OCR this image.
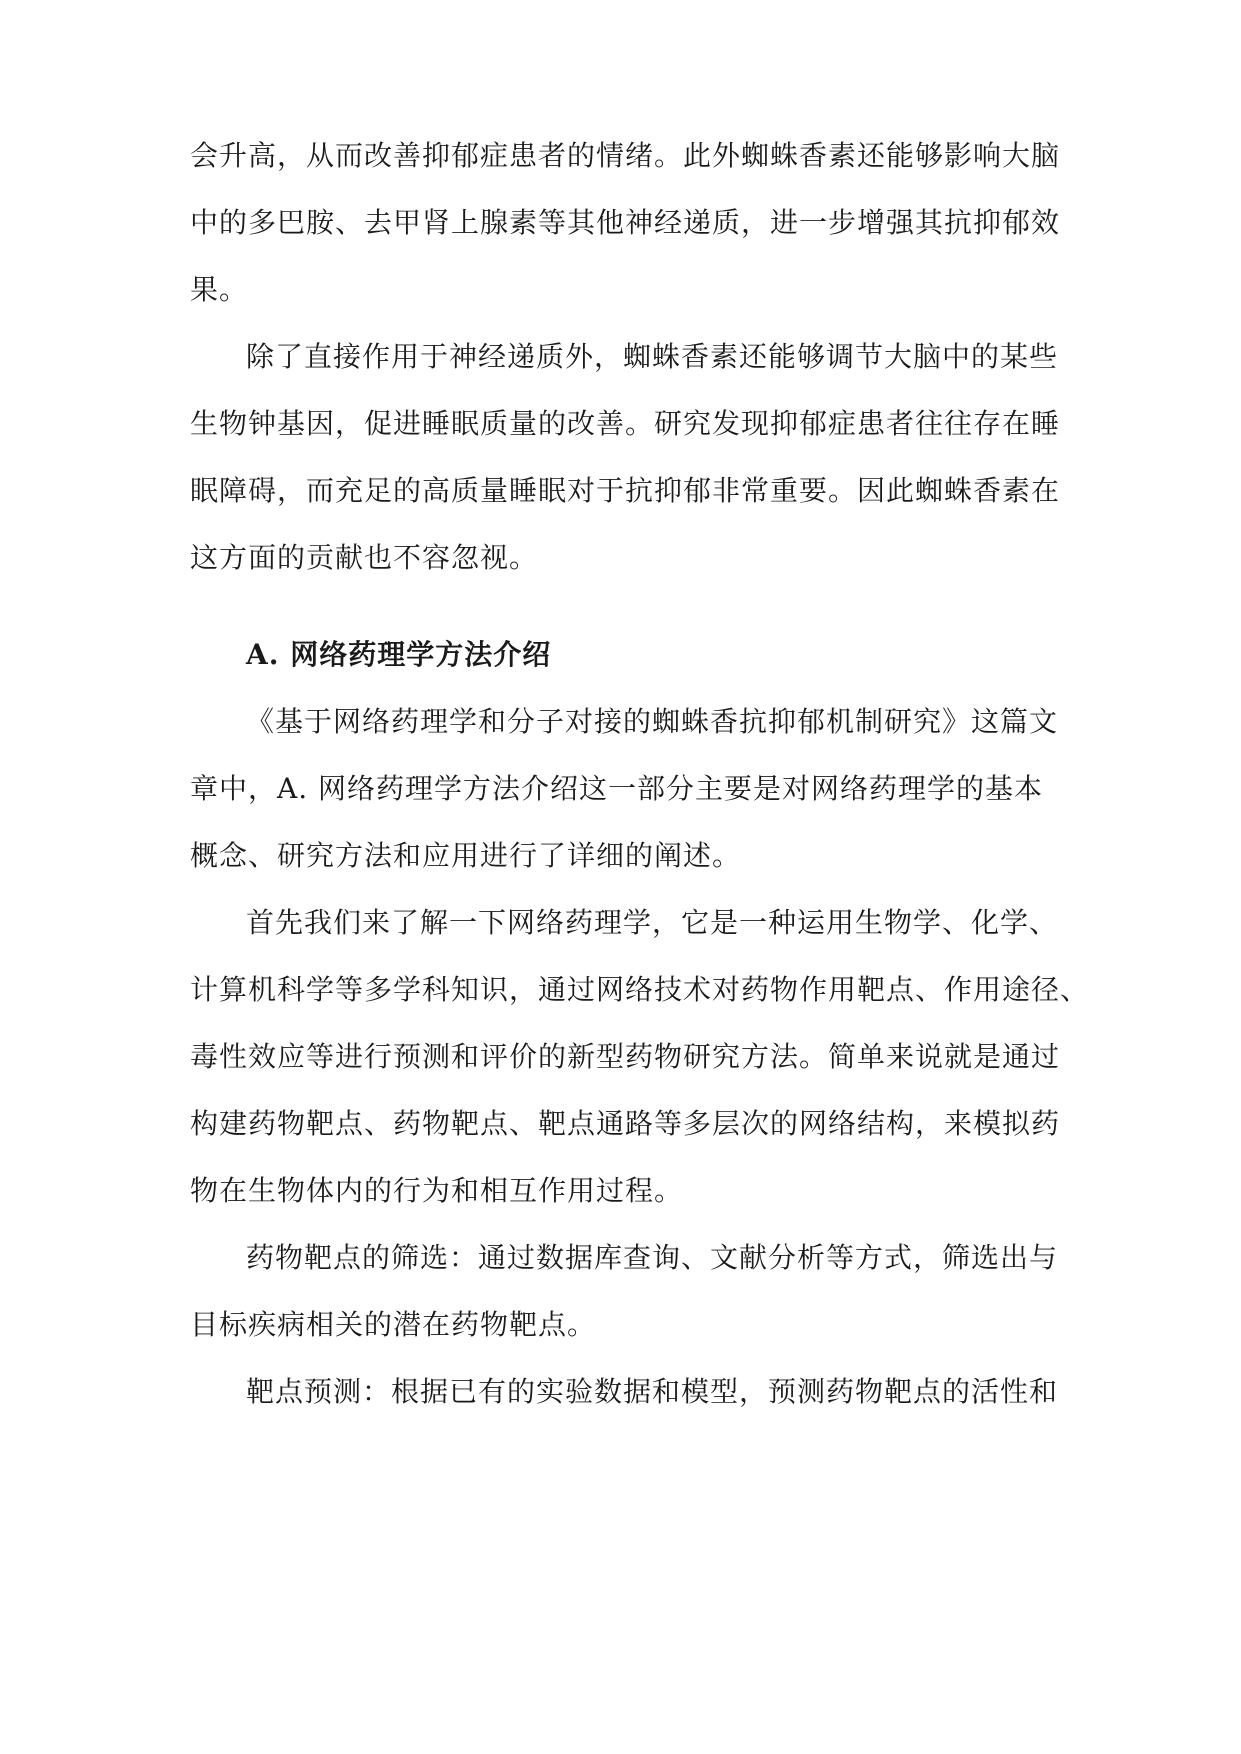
会升高，从而改善抑郁症患者的情绪。此外蜘蛛香素还能够影响大脑
中的多巴胺、去甲肾上腺素等其他神经递质，进一步增强其抗抑郁效
果。
除了直接作用于神经递质外，蜘蛛香素还能够调节大脑中的某些
生物钟基因，促进睡眠质量的改善。研究发现抑郁症患者往往存在睡
眠障碍，而充足的高质量睡眠对于抗抑郁非常重要。因此蜘蛛香素在
这方面的贡献也不容忽视。
A. 网络药理学方法介绍
《基于网络药理学和分子对接的蜘蛛香抗抑郁机制研究》这篇文
章中，A. 网络药理学方法介绍这一部分主要是对网络药理学的基本
概念、研究方法和应用进行了详细的阐述。
首先我们来了解一下网络药理学，它是一种运用生物学、化学、
计算机科学等多学科知识，通过网络技术对药物作用靶点、作用途径、
毒性效应等进行预测和评价的新型药物研究方法。简单来说就是通过
构建药物靶点、药物靶点、靶点通路等多层次的网络结构，来模拟药
物在生物体内的行为和相互作用过程。
药物靶点的筛选：通过数据库查询、文献分析等方式，筛选出与
目标疾病相关的潜在药物靶点。
靶点预测：根据已有的实验数据和模型，预测药物靶点的活性和
